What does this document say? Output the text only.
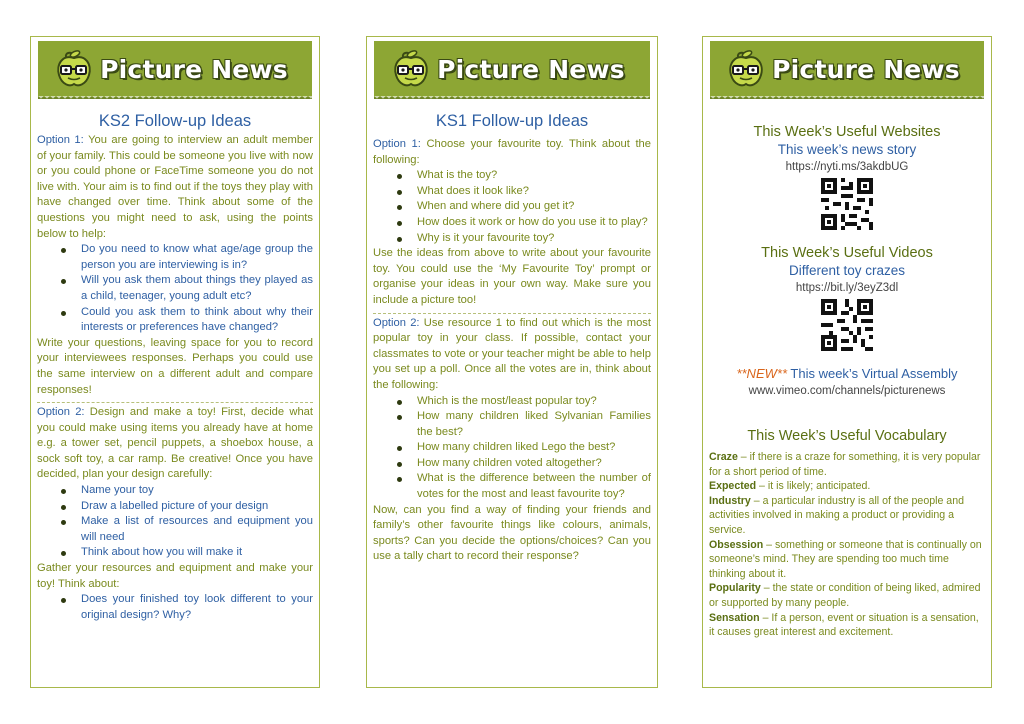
Picture News
KS2 Follow-up Ideas

Option 1: You are going to interview an adult member of your family. This could be someone you live with now or you could phone or FaceTime someone you do not live with. Your aim is to find out if the toys they play with have changed over time. Think about some of the questions you might need to ask, using the points below to help:

Do you need to know what age/age group the person you are interviewing is in?
Will you ask them about things they played as a child, teenager, young adult etc?
Could you ask them to think about why their interests or preferences have changed?

Write your questions, leaving space for you to record your interviewees responses. Perhaps you could use the same interview on a different adult and compare responses!

Option 2: Design and make a toy! First, decide what you could make using items you already have at home e.g. a tower set, pencil puppets, a shoebox house, a sock soft toy, a car ramp. Be creative! Once you have decided, plan your design carefully:

Name your toy
Draw a labelled picture of your design
Make a list of resources and equipment you will need
Think about how you will make it

Gather your resources and equipment and make your toy! Think about:

Does your finished toy look different to your original design? Why?
Picture News
KS1 Follow-up Ideas

Option 1: Choose your favourite toy. Think about the following:

What is the toy?
What does it look like?
When and where did you get it?
How does it work or how do you use it to play?
Why is it your favourite toy?

Use the ideas from above to write about your favourite toy. You could use the ‘My Favourite Toy’ prompt or organise your ideas in your own way. Make sure you include a picture too!

Option 2: Use resource 1 to find out which is the most popular toy in your class. If possible, contact your classmates to vote or your teacher might be able to help you set up a poll. Once all the votes are in, think about the following:

Which is the most/least popular toy?
How many children liked Sylvanian Families the best?
How many children liked Lego the best?
How many children voted altogether?
What is the difference between the number of votes for the most and least favourite toy?

Now, can you find a way of finding your friends and family’s other favourite things like colours, animals, sports? Can you decide the options/choices? Can you use a tally chart to record their response?

Picture News
This Week’s Useful Websites
This week’s news story
https://nyti.ms/3akdbUG
This Week’s Useful Videos
Different toy crazes
https://bit.ly/3eyZ3dl
**NEW** This week’s Virtual Assembly
www.vimeo.com/channels/picturenews
This Week’s Useful Vocabulary

Craze – if there is a craze for something, it is very popular for a short period of time.

Expected – it is likely; anticipated.

Industry – a particular industry is all of the people and activities involved in making a product or providing a service.

Obsession – something or someone that is continually on someone’s mind. They are spending too much time thinking about it.

Popularity – the state or condition of being liked, admired or supported by many people.

Sensation – If a person, event or situation is a sensation, it causes great interest and excitement.
